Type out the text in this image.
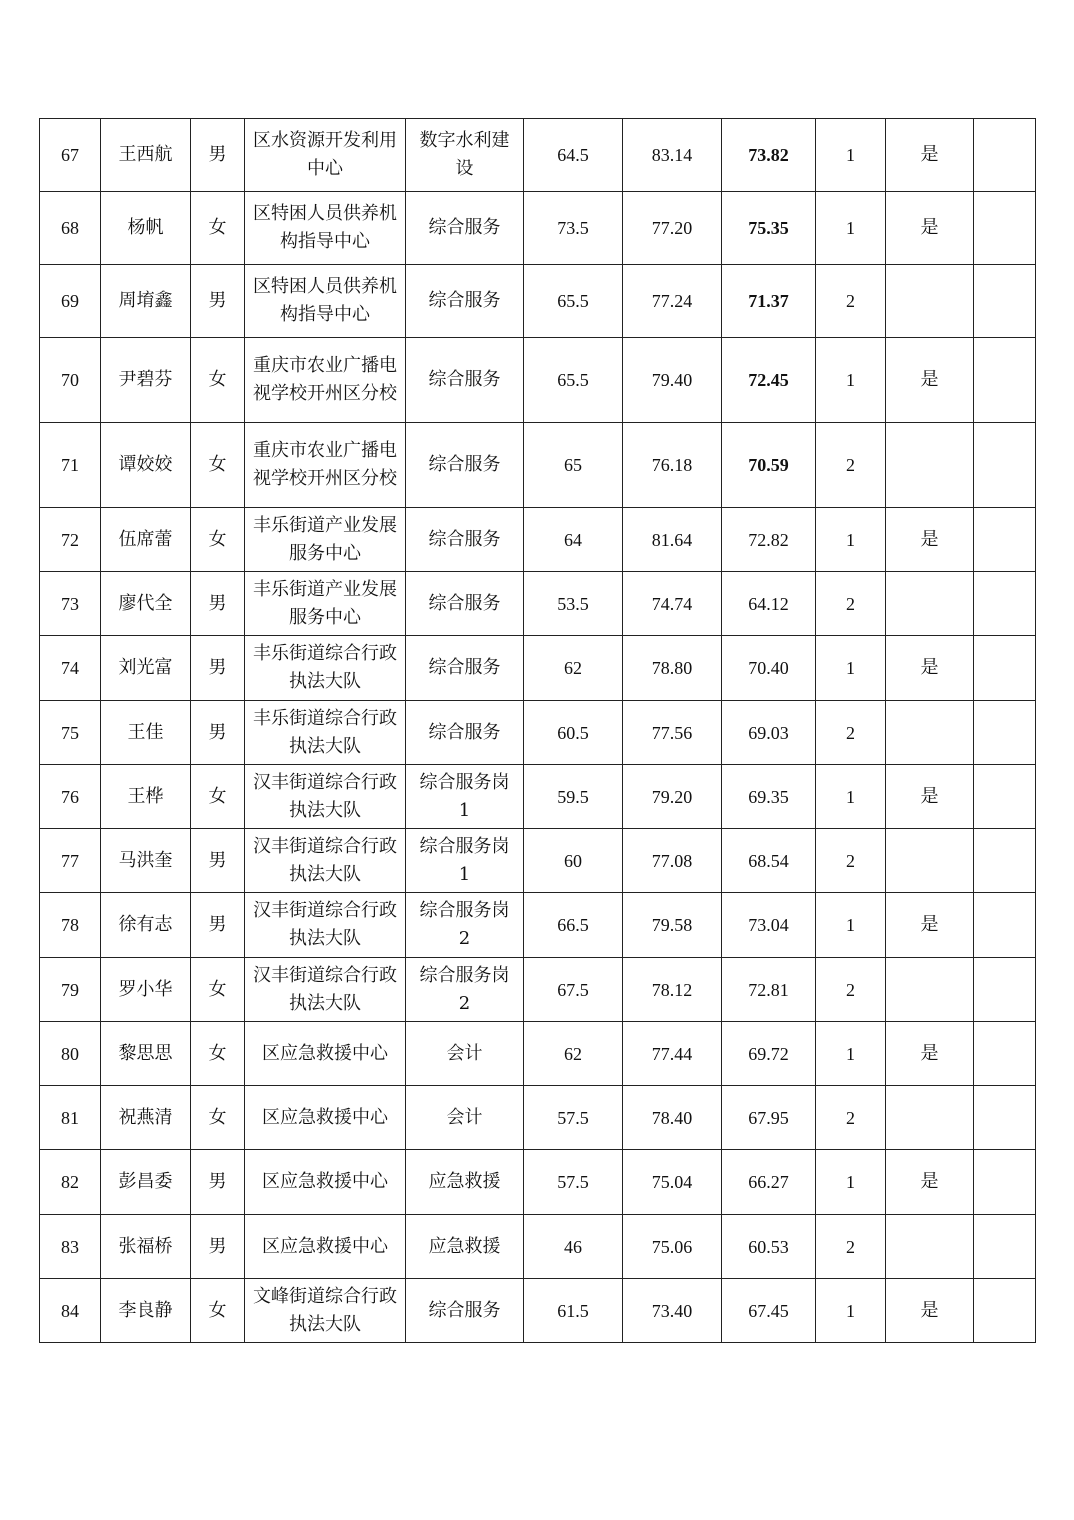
67	王西航	男	区水资源开发利用中心	数字水利建设	64.5	83.14	73.82	1	是	
68	杨帆	女	区特困人员供养机构指导中心	综合服务	73.5	77.20	75.35	1	是	
69	周堉鑫	男	区特困人员供养机构指导中心	综合服务	65.5	77.24	71.37	2		
70	尹碧芬	女	重庆市农业广播电视学校开州区分校	综合服务	65.5	79.40	72.45	1	是	
71	谭姣姣	女	重庆市农业广播电视学校开州区分校	综合服务	65	76.18	70.59	2		
72	伍席蕾	女	丰乐街道产业发展服务中心	综合服务	64	81.64	72.82	1	是	
73	廖代全	男	丰乐街道产业发展服务中心	综合服务	53.5	74.74	64.12	2		
74	刘光富	男	丰乐街道综合行政执法大队	综合服务	62	78.80	70.40	1	是	
75	王佳	男	丰乐街道综合行政执法大队	综合服务	60.5	77.56	69.03	2		
76	王桦	女	汉丰街道综合行政执法大队	综合服务岗 1	59.5	79.20	69.35	1	是	
77	马洪奎	男	汉丰街道综合行政执法大队	综合服务岗 1	60	77.08	68.54	2		
78	徐有志	男	汉丰街道综合行政执法大队	综合服务岗 2	66.5	79.58	73.04	1	是	
79	罗小华	女	汉丰街道综合行政执法大队	综合服务岗 2	67.5	78.12	72.81	2		
80	黎思思	女	区应急救援中心	会计	62	77.44	69.72	1	是	
81	祝燕清	女	区应急救援中心	会计	57.5	78.40	67.95	2		
82	彭昌委	男	区应急救援中心	应急救援	57.5	75.04	66.27	1	是	
83	张福桥	男	区应急救援中心	应急救援	46	75.06	60.53	2		
84	李良静	女	文峰街道综合行政执法大队	综合服务	61.5	73.40	67.45	1	是	
